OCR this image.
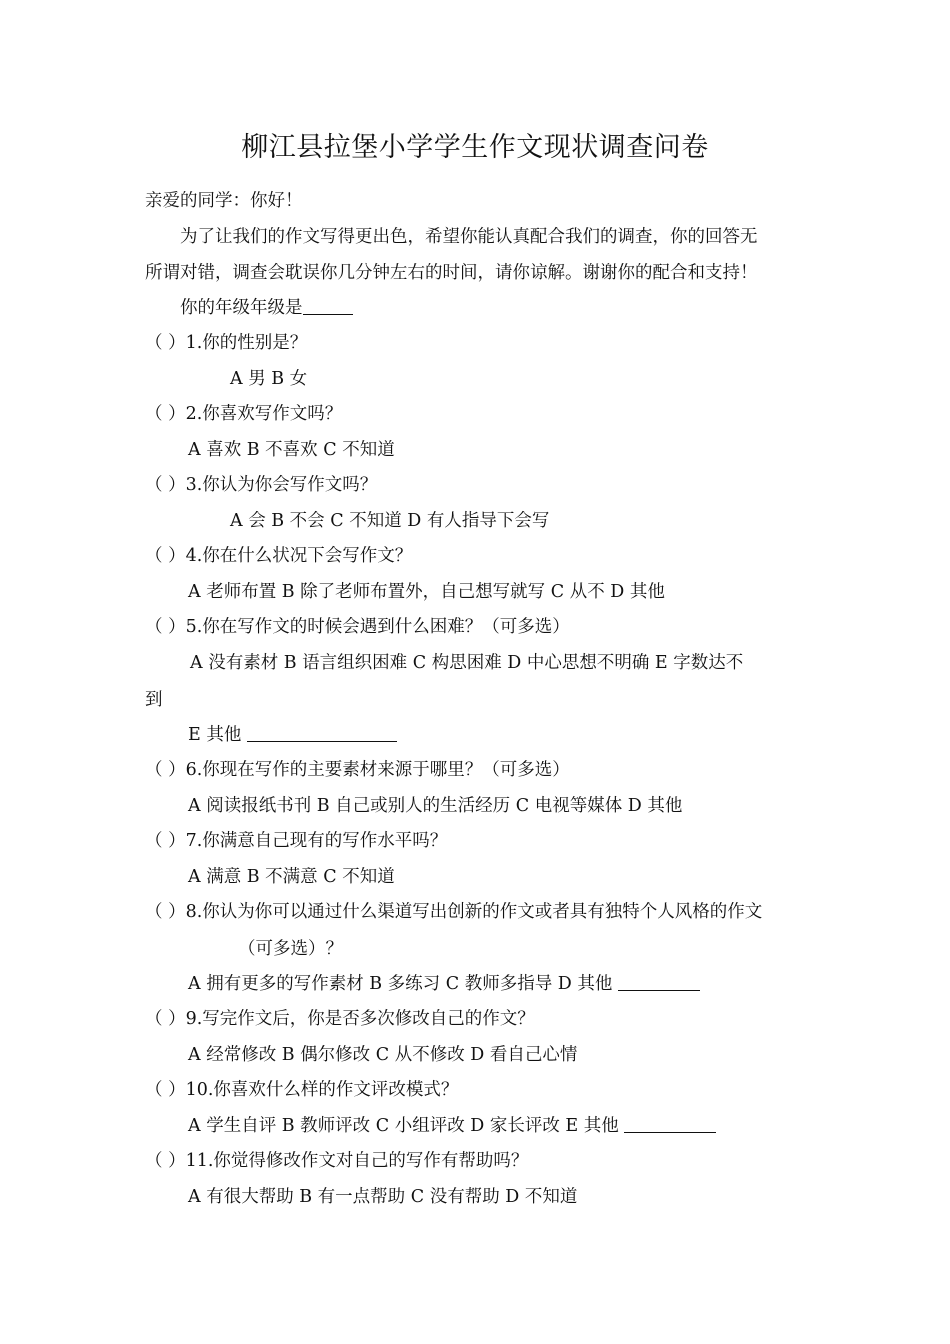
柳江县拉堡小学学生作文现状调查问卷
亲爱的同学：你好！
为了让我们的作文写得更出色，希望你能认真配合我们的调查，你的回答无
所谓对错，调查会耽误你几分钟左右的时间，请你谅解。谢谢你的配合和支持！
你的年级年级是
（ ）1.你的性别是？
A 男 B 女
（ ）2.你喜欢写作文吗？
A 喜欢 B 不喜欢 C 不知道
（ ）3.你认为你会写作文吗？
A 会 B 不会 C 不知道 D 有人指导下会写
（ ）4.你在什么状况下会写作文？
A 老师布置 B 除了老师布置外，自己想写就写 C 从不 D 其他
（ ）5.你在写作文的时候会遇到什么困难？（可多选）
A 没有素材 B 语言组织困难 C 构思困难 D 中心思想不明确 E 字数达不
到
E 其他
（ ）6.你现在写作的主要素材来源于哪里？（可多选）
A 阅读报纸书刊 B 自己或别人的生活经历 C 电视等媒体 D 其他
（ ）7.你满意自己现有的写作水平吗？
A 满意 B 不满意 C 不知道
（ ）8.你认为你可以通过什么渠道写出创新的作文或者具有独特个人风格的作文
（可多选）？
A 拥有更多的写作素材 B 多练习 C 教师多指导 D 其他
（ ）9.写完作文后，你是否多次修改自己的作文？
A 经常修改 B 偶尔修改 C 从不修改 D 看自己心情
（ ）10.你喜欢什么样的作文评改模式？
A 学生自评 B 教师评改 C 小组评改 D 家长评改 E 其他
（ ）11.你觉得修改作文对自己的写作有帮助吗？
A 有很大帮助 B 有一点帮助 C 没有帮助 D 不知道
